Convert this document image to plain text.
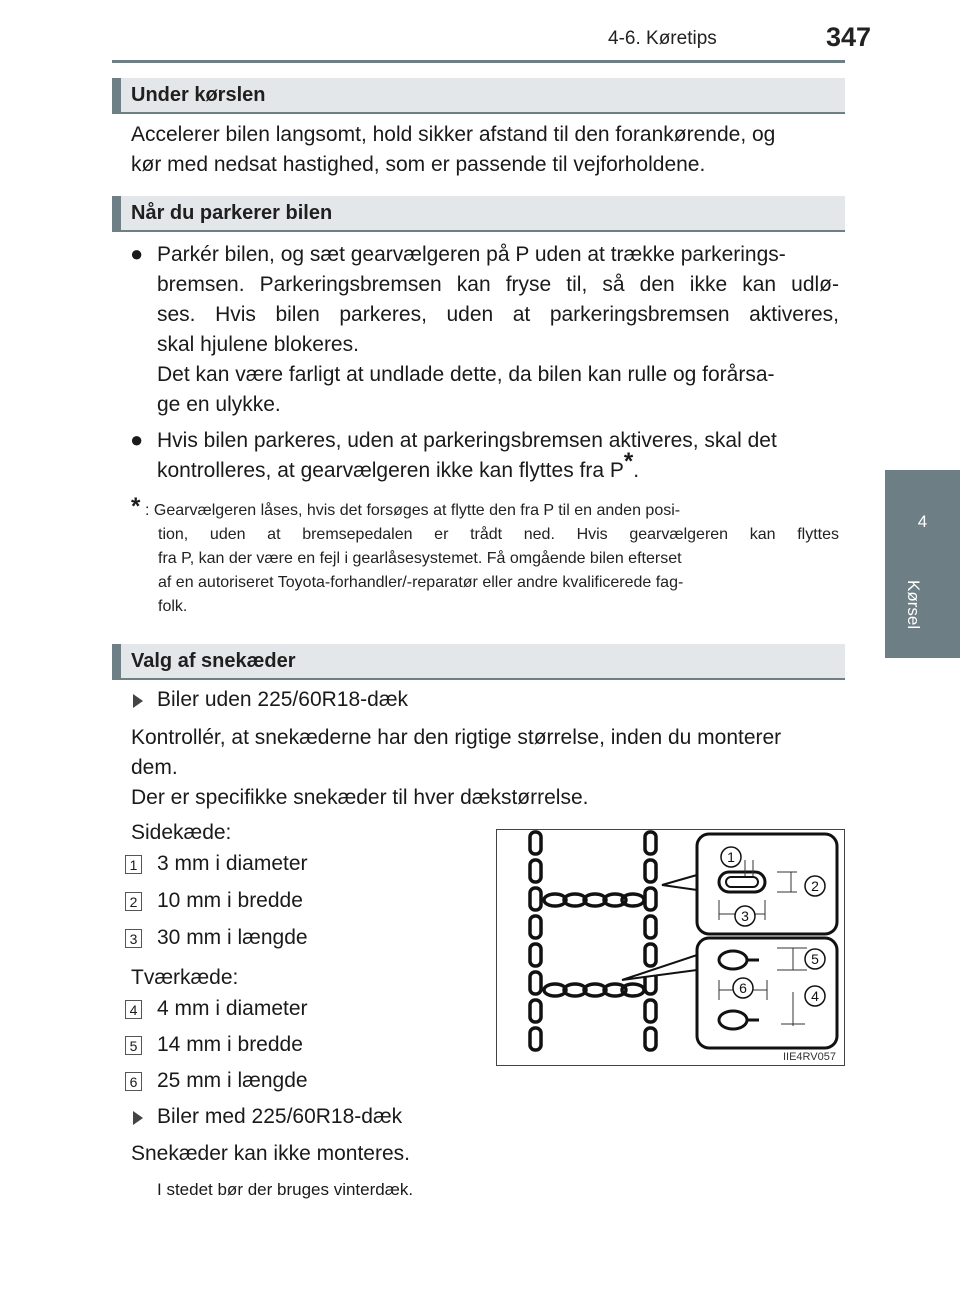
4-6. Køretips	347
4
Kørsel
Under kørslen
Accelerer bilen langsomt, hold sikker afstand til den forankørende, og
kør med nedsat hastighed, som er passende til vejforholdene.
Når du parkerer bilen
● Parkér bilen, og sæt gearvælgeren på P uden at trække parkerings-
bremsen. Parkeringsbremsen kan fryse til, så den ikke kan udlø-
ses. Hvis bilen parkeres, uden at parkeringsbremsen aktiveres,
skal hjulene blokeres.
Det kan være farligt at undlade dette, da bilen kan rulle og forårsa-
ge en ulykke.
● Hvis bilen parkeres, uden at parkeringsbremsen aktiveres, skal det
kontrolleres, at gearvælgeren ikke kan flyttes fra P*.
* : Gearvælgeren låses, hvis det forsøges at flytte den fra P til en anden posi-
tion, uden at bremsepedalen er trådt ned. Hvis gearvælgeren kan flyttes
fra P, kan der være en fejl i gearlåsesystemet. Få omgående bilen efterset
af en autoriseret Toyota-forhandler/-reparatør eller andre kvalificerede fag-
folk.
Valg af snekæder
Biler uden 225/60R18-dæk
Kontrollér, at snekæderne har den rigtige størrelse, inden du monterer
dem.
Der er specifikke snekæder til hver dækstørrelse.
Sidekæde:
1 3 mm i diameter
2 10 mm i bredde
3 30 mm i længde
Tværkæde:
4 4 mm i diameter
5 14 mm i bredde
6 25 mm i længde
Biler med 225/60R18-dæk
Snekæder kan ikke monteres.
I stedet bør der bruges vinterdæk.
1
2
3
4
5
6
IIE4RV057
